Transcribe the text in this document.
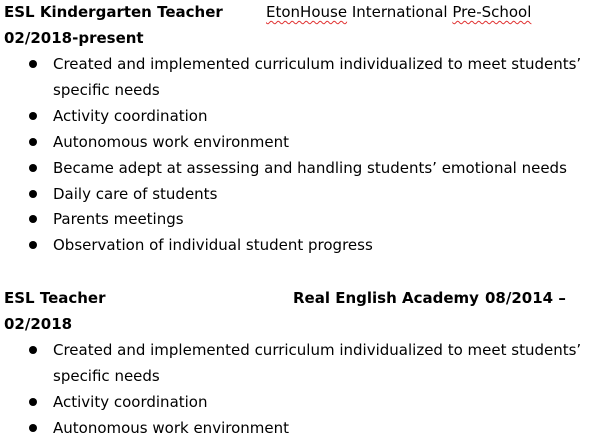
ESL Kindergarten Teacher	EtonHouse International Pre-School
02/2018-present
Created and implemented curriculum individualized to meet students’
specific needs
Activity coordination
Autonomous work environment
Became adept at assessing and handling students’ emotional needs
Daily care of students
Parents meetings
Observation of individual student progress
ESL Teacher	Real English Academy 08/2014 –
02/2018
Created and implemented curriculum individualized to meet students’
specific needs
Activity coordination
Autonomous work environment
